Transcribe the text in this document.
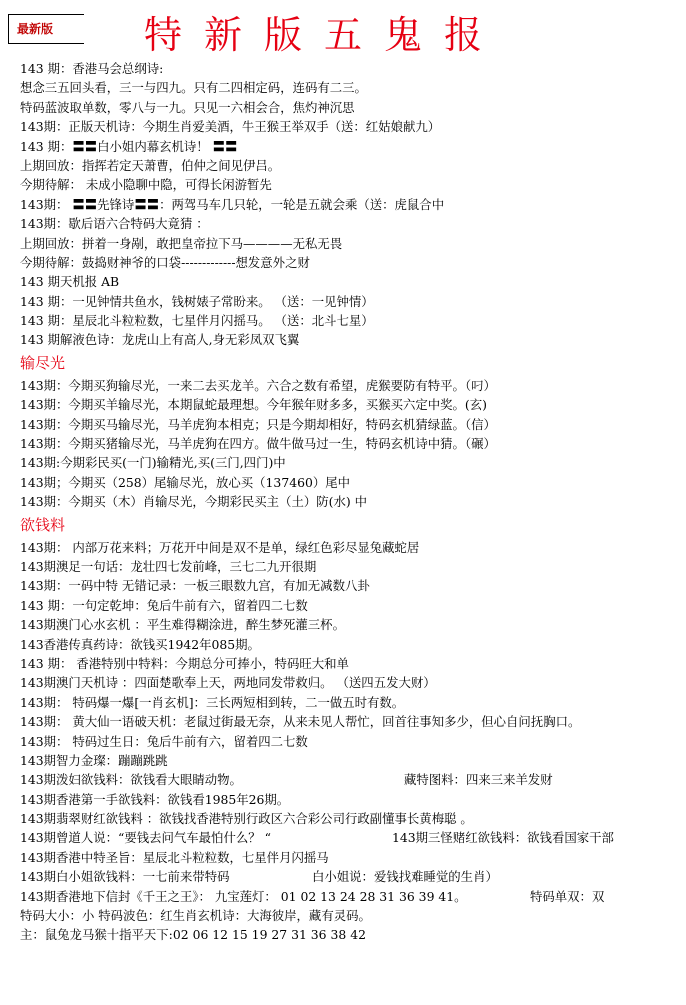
最新版 特新版五鬼报
143 期：香港马会总纲诗:
想念三五回头看，三一与四九。只有二四相定码，连码有二三。
特码蓝波取单数，零八与一九。只见一六相会合，焦灼神沉思
143期：正版天机诗：今期生肖爱美酒，牛王猴王举双手（送：红姑娘献九）
143 期：〓〓白小姐内幕玄机诗！ 〓〓
上期回放：指挥若定天萧曹，伯仲之间见伊吕。
今期待解： 未成小隐聊中隐，可得长闲游暂先
143期： 〓〓先锋诗〓〓：两驾马车几只轮，一轮是五就会乘（送：虎鼠合中
143期：歇后语六合特码大竟猜 ：
上期回放：拼着一身剐，敢把皇帝拉下马————无私无畏
今期待解：鼓捣财神爷的口袋-------------想发意外之财
143 期天机报 AB
143 期：一见钟情共鱼水，钱树婊子常盼来。 （送：一见钟情）
143 期：星辰北斗粒粒数，七星伴月闪摇马。 （送：北斗七星）
143 期解液色诗：龙虎山上有高人,身无彩凤双飞翼
输尽光
143期：今期买狗输尽光，一来二去买龙羊。六合之数有希望，虎猴要防有特平。（叼）
143期：今期买羊输尽光，本期鼠蛇最理想。今年猴年财多多，买猴买六定中奖。(玄)
143期：今期买马输尽光，马羊虎狗本相克；只是今期却相好，特码玄机猜绿蓝。（信）
143期：今期买猪输尽光，马羊虎狗在四方。做牛做马过一生，特码玄机诗中猜。（碾）
143期:今期彩民买(一门)输精光,买(三门,四门)中
143期；今期买（258）尾输尽光，放心买（137460）尾中
143期：今期买（木）肖输尽光，今期彩民买主（土）防(水) 中
欲钱料
143期： 内部万花来料；万花开中间是双不是单，绿红色彩尽显兔藏蛇居
143期澳足一句话：龙壮四七发前峰，三七二九开很期
143期：一码中特 无错记录：一板三眼数九宫，有加无减数八卦
143 期：一句定乾坤：兔后牛前有六，留着四二七数
143期澳门心水玄机 ：平生难得糊涂进，醉生梦死灌三杯。
143香港传真药诗：欲钱买1942年085期。
143 期： 香港特别中特料：今期总分可捧小，特码旺大和单
143期澳门天机诗 ：四面楚歌奉上天，两地同发带救归。 （送四五发大财）
143期： 特码爆一爆[一肖玄机]：三长两短相到转，二一做五时有数。
143期： 黄大仙一语破天机：老鼠过街最无奈，从来未见人帮忙，回首往事知多少，但心自问抚胸口。
143期： 特码过生日：兔后牛前有六，留着四二七数
143期智力金璨：蹦蹦跳跳
143期泼妇欲钱料：欲钱看大眼睛动物。	藏特图料：四来三来羊发财
143期香港第一手欲钱料：欲钱看1985年26期。
143期翡翠财红欲钱料 ：欲钱找香港特别行政区六合彩公司行政副懂事长黄梅聪 。
143期曾道人说：“要钱去问气车最怕什么？ “	143期三怪赌红欲钱料：欲钱看国家干部
143期香港中特圣旨：星辰北斗粒粒数，七星伴月闪摇马
143期白小姐欲钱料：一七前来带特码	白小姐说：爱钱找难睡觉的生肖）
143期香港地下信封《千王之王》： 九宝莲灯： 01 02 13 24 28 31 36 39 41。	特码单双：双
特码大小：小 特码波色：红生肖玄机诗：大海彼岸，藏有灵码。
主：鼠兔龙马猴十指平天下:02 06 12 15 19 27 31 36 38 42
